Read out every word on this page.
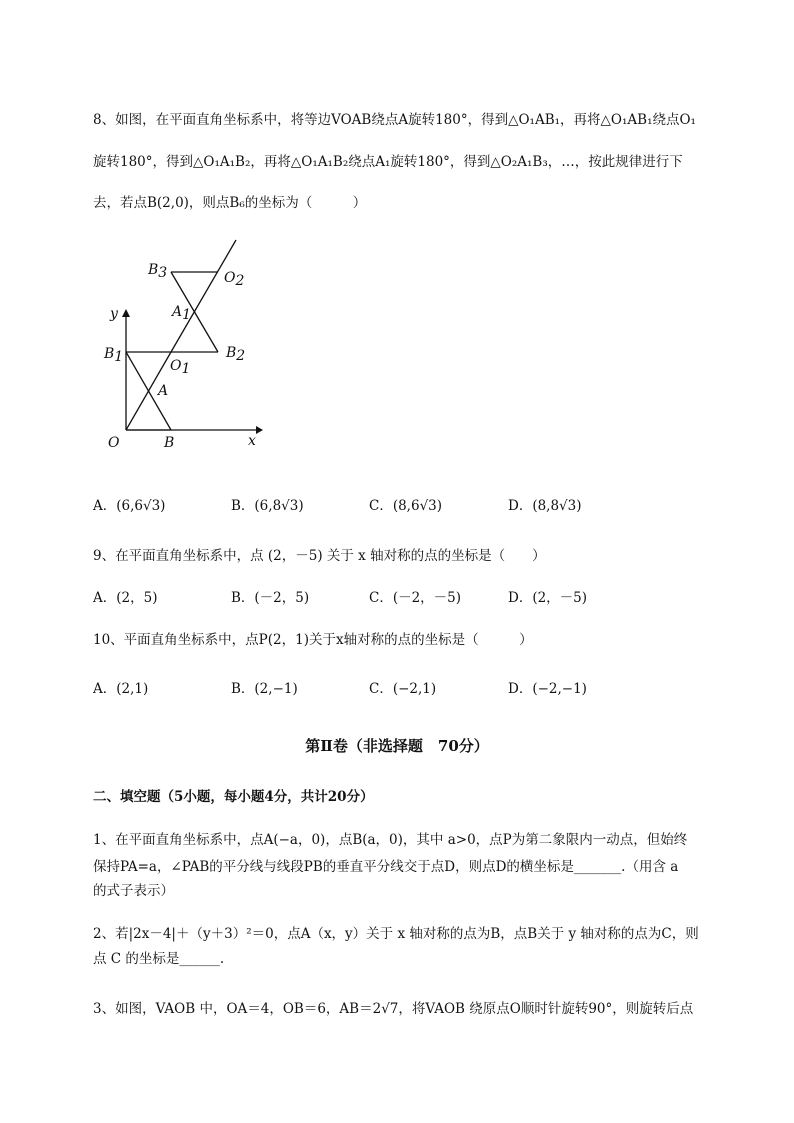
8、如图，在平面直角坐标系中，将等边VOAB绕点A旋转180°，得到△O₁AB₁，再将△O₁AB₁绕点O₁
旋转180°，得到△O₁A₁B₂，再将△O₁A₁B₂绕点A₁旋转180°，得到△O₂A₁B₃，…，按此规律进行下
去，若点B(2,0)，则点B₆的坐标为（　　　）
B3	O2
y	A1
B1
O1
B2
A
O	B	x
A．(6,6√3)	B．(6,8√3)	C．(8,6√3)	D．(8,8√3)
9、在平面直角坐标系中，点 (2，－5) 关于 x 轴对称的点的坐标是（　　）
A．(2，5)	B．(－2，5)	C．(－2，－5)	D．(2，－5)
10、平面直角坐标系中，点P(2，1)关于x轴对称的点的坐标是（　　　）
A．(2,1)	B．(2,−1)	C．(−2,1)	D．(−2,−1)
第Ⅱ卷（非选择题　70分）
二、填空题（5小题，每小题4分，共计20分）
1、在平面直角坐标系中，点A(−a，0)，点B(a，0)，其中 a>0，点P为第二象限内一动点，但始终
保持PA=a，∠PAB的平分线与线段PB的垂直平分线交于点D，则点D的横坐标是_______.（用含 a
的式子表示）
2、若|2x－4|＋（y＋3）²＝0，点A（x，y）关于 x 轴对称的点为B，点B关于 y 轴对称的点为C，则
点 C 的坐标是______.
3、如图，VAOB 中，OA＝4，OB＝6，AB＝2√7，将VAOB 绕原点O顺时针旋转90°，则旋转后点
